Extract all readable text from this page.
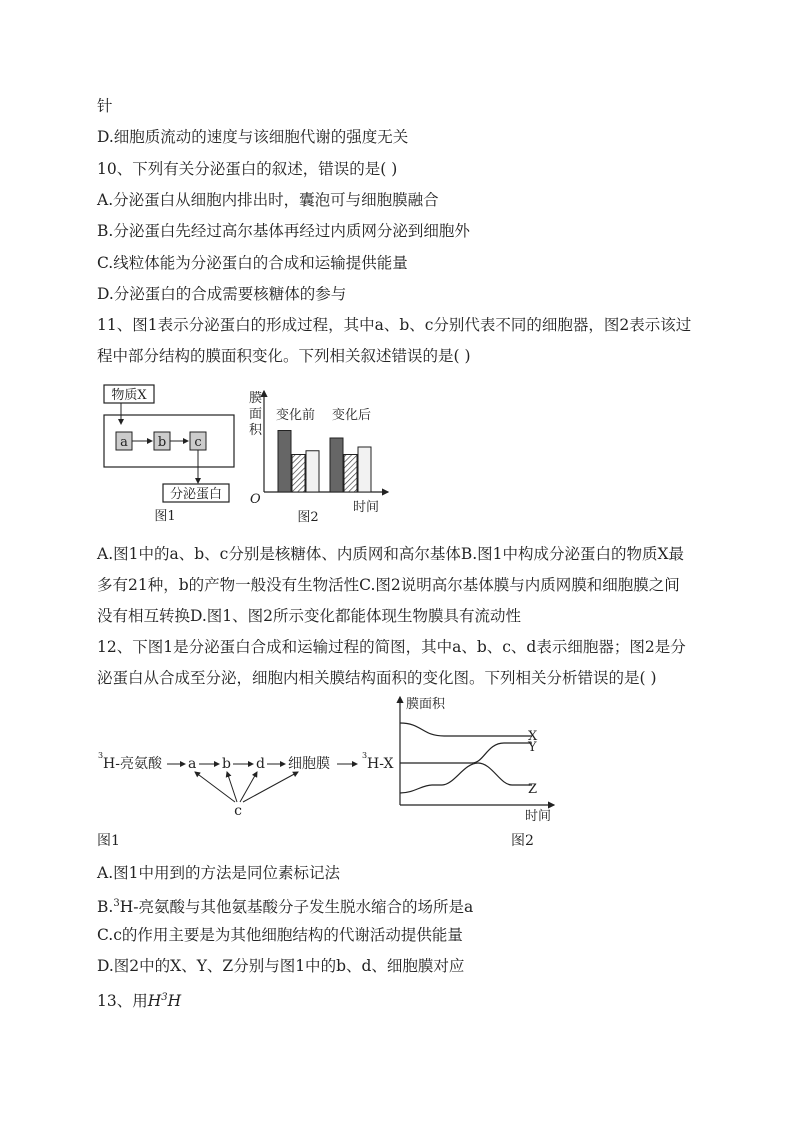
针
D.细胞质流动的速度与该细胞代谢的强度无关
10、下列有关分泌蛋白的叙述，错误的是( )
A.分泌蛋白从细胞内排出时，囊泡可与细胞膜融合
B.分泌蛋白先经过高尔基体再经过内质网分泌到细胞外
C.线粒体能为分泌蛋白的合成和运输提供能量
D.分泌蛋白的合成需要核糖体的参与
11、图1表示分泌蛋白的形成过程，其中a、b、c分别代表不同的细胞器，图2表示该过
程中部分结构的膜面积变化。下列相关叙述错误的是( )
物质X
a b c
分泌蛋白
图1
膜
面
积
O
变化前 变化后
时间
图2
A.图1中的a、b、c分别是核糖体、内质网和高尔基体B.图1中构成分泌蛋白的物质X最
多有21种，b的产物一般没有生物活性C.图2说明高尔基体膜与内质网膜和细胞膜之间
没有相互转换D.图1、图2所示变化都能体现生物膜具有流动性
12、下图1是分泌蛋白合成和运输过程的简图，其中a、b、c、d表示细胞器；图2是分
泌蛋白从合成至分泌，细胞内相关膜结构面积的变化图。下列相关分析错误的是( )
3
H-亮氨酸 a b d 细胞膜
3
H-X
c
膜面积
X
Y
Z
时间
图1	图2
A.图1中用到的方法是同位素标记法
B.$^3$H-亮氨酸与其他氨基酸分子发生脱水缩合的场所是a
C.c的作用主要是为其他细胞结构的代谢活动提供能量
D.图2中的X、Y、Z分别与图1中的b、d、细胞膜对应
13、用$H^3H$
